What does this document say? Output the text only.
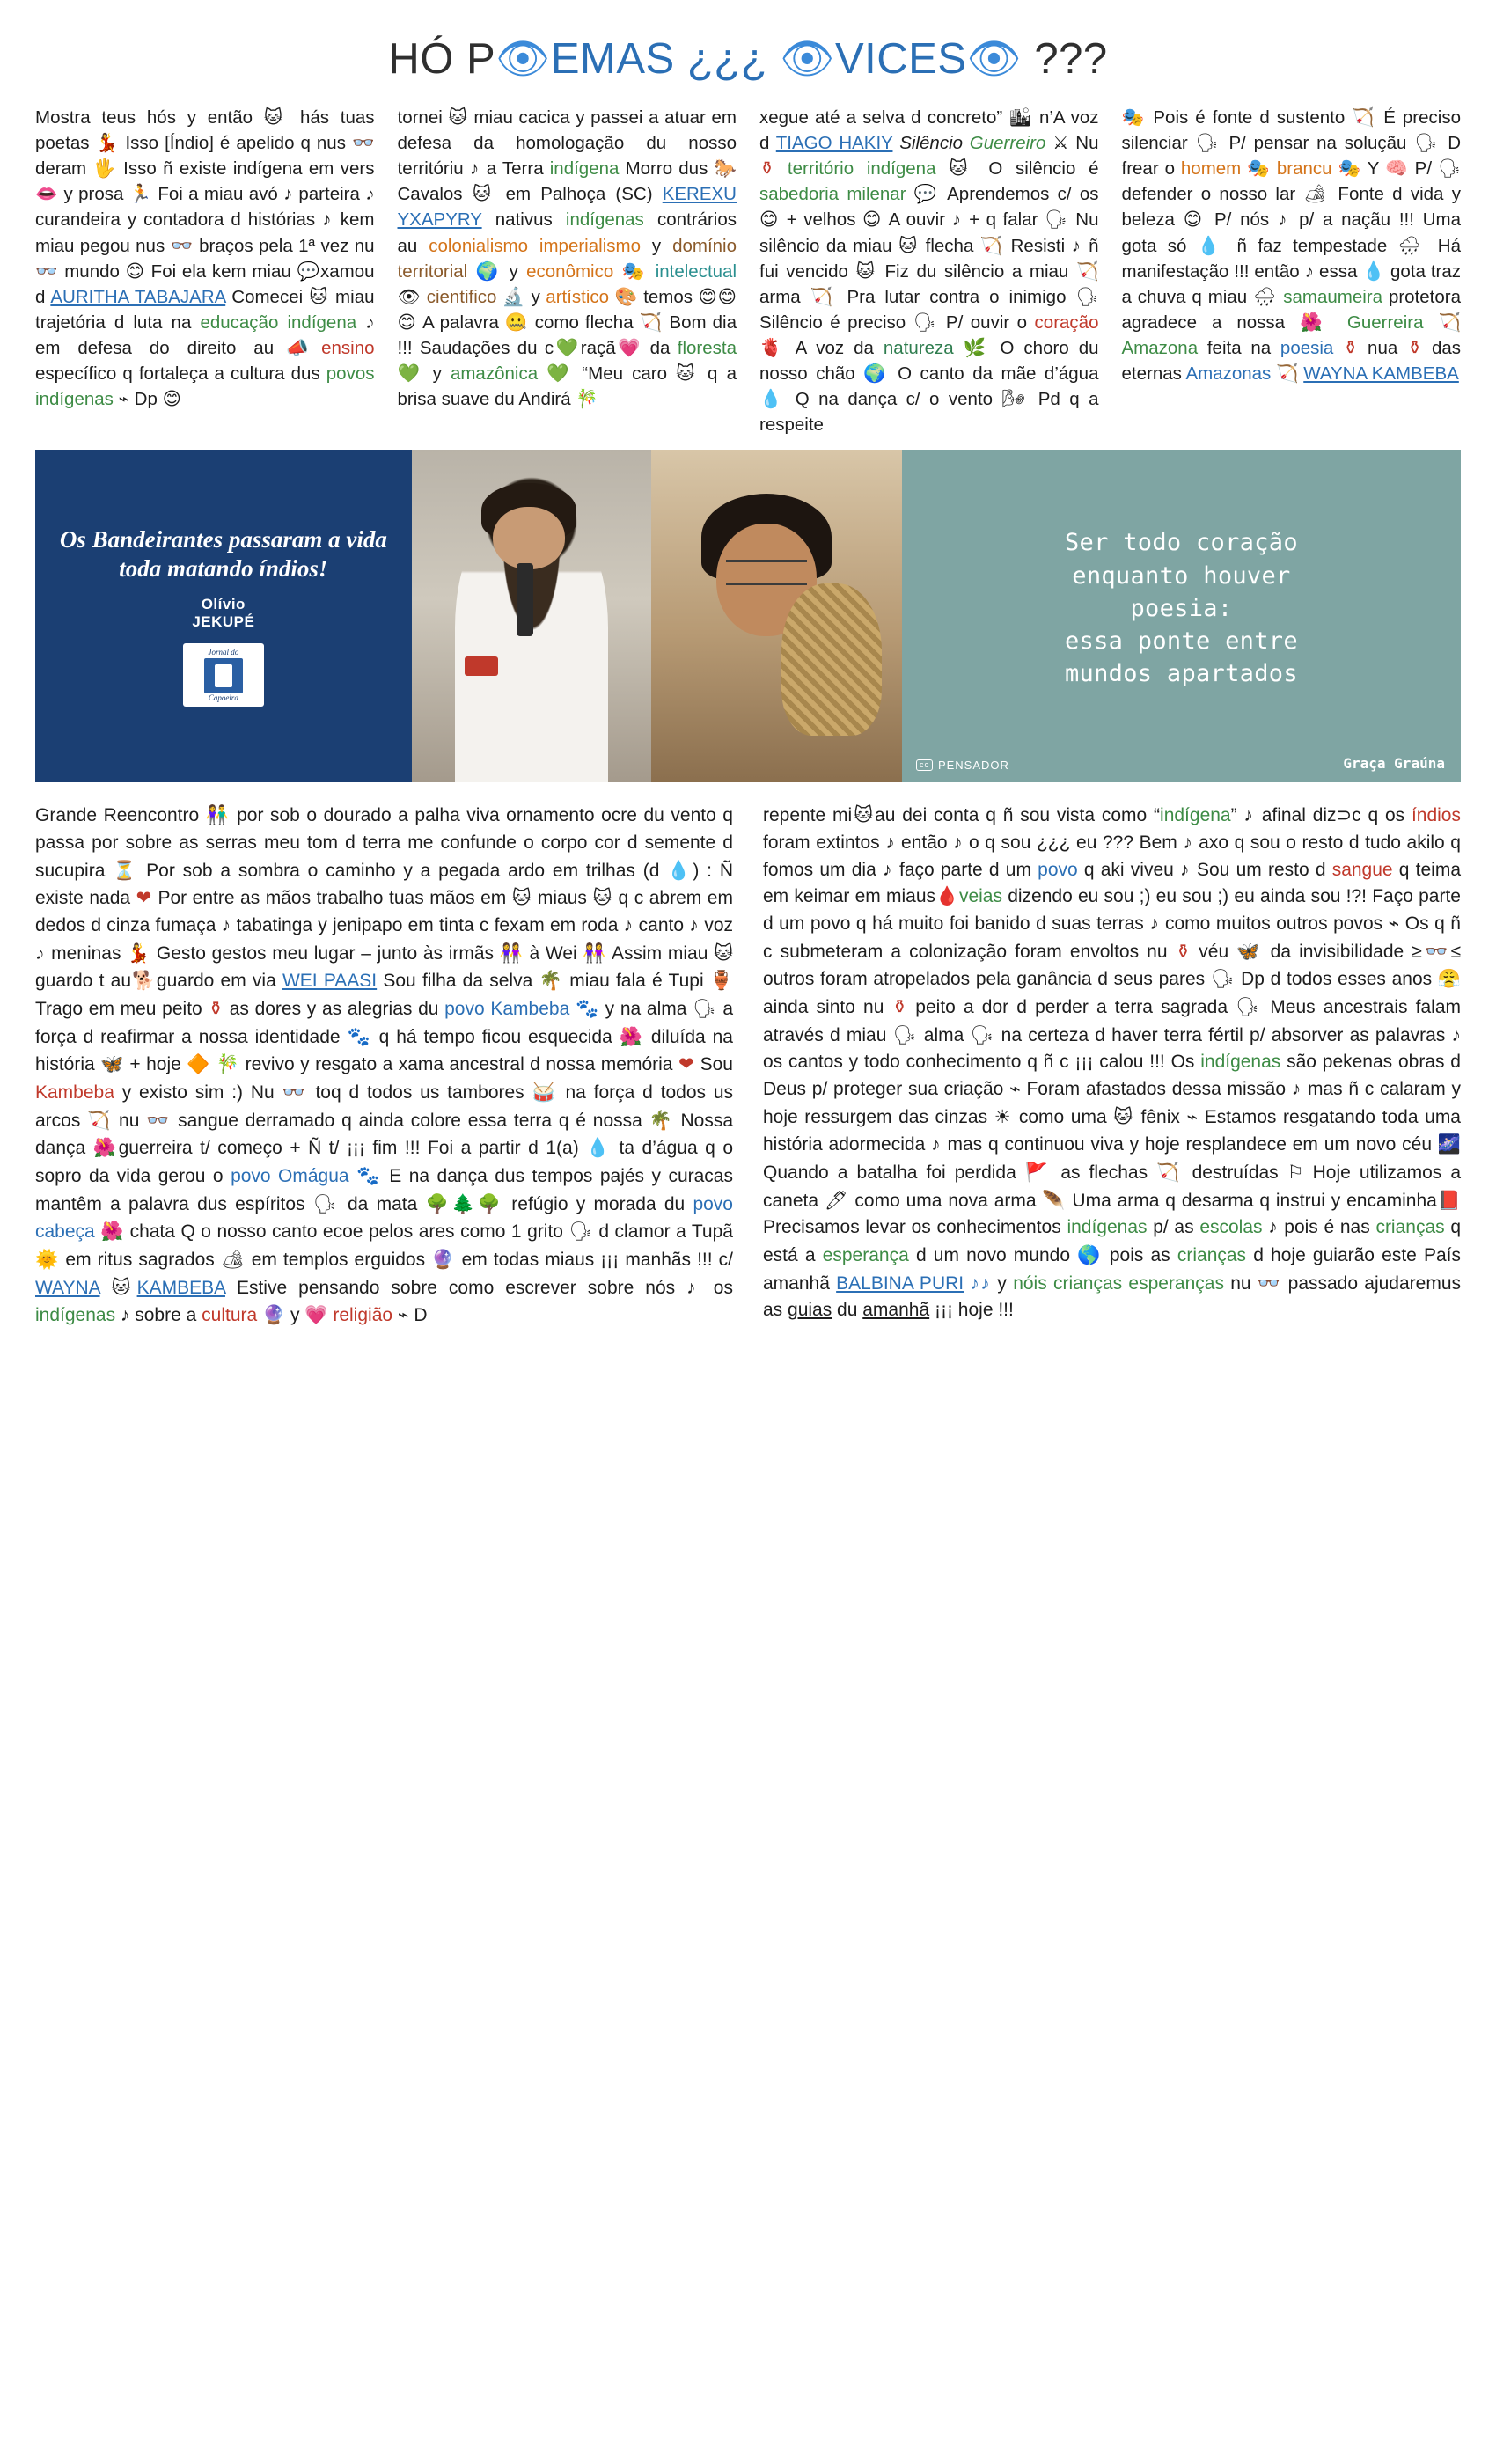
HÓ P👁EMAS ¿¿¿ 👁VICES👁 ???

Mostra teus hós y então 🐱 hás tuas poetas 💃 Isso [Índio] é apelido q nus 👓 deram 🖐 Isso ñ existe indígena em vers👄 y prosa 🏃 Foi a miau avó ♪ parteira ♪ curandeira y contadora d histórias ♪ kem miau pegou nus 👓 braços pela 1ª vez nu 👓 mundo 😊 Foi ela kem miau 💬xamou d AURITHA TABAJARA Comecei 🐱 miau trajetória d luta na educação indígena ♪ em defesa do direito au📣ensino específico q fortaleça a cultura dus povos indígenas ⌁ Dp 😊

tornei 🐱 miau cacica y passei a atuar em defesa da homologação du nosso territóriu ♪ a Terra indígena Morro dus 🐎 Cavalos 🐱 em Palhoça (SC) KEREXU YXAPYRY nativus indígenas contrários au colonialismo imperialismo y domínio territorial 🌍 y econômico 🎭 intelectual 👁 cientifico 🔬 y artístico 🎨 temos 😊😊😊 A palavra 🤐 como flecha 🏹 Bom dia !!! Saudações du c💚raçã💗 da floresta💚 y amazônica 💚 “Meu caro 🐱 q a brisa suave du Andirá 🎋

xegue até a selva d concreto” 🏙 n’A voz d TIAGO HAKIY Silêncio Guerreiro ⚔ Nu ⚱ território indígena 🐱 O silêncio é sabedoria milenar 💬 Aprendemos c/ os 😊 + velhos 😊 A ouvir ♪ + q falar 🗣 Nu silêncio da miau 🐱 flecha 🏹 Resisti ♪ ñ fui vencido 🐱 Fiz du silêncio a miau 🏹arma 🏹 Pra lutar contra o inimigo 🗣 Silêncio é preciso 🗣 P/ ouvir o coração 🫀 A voz da natureza 🌿 O choro du nosso chão 🌍 O canto da mãe d’água 💧 Q na dança c/ o vento 🌬 Pd q a respeite

🎭 Pois é fonte d sustento 🏹 É preciso silenciar 🗣 P/ pensar na soluçãu 🗣 D frear o homem 🎭 brancu 🎭 Y 🧠 P/ 🗣 defender o nosso lar 🏕 Fonte d vida y beleza 😊 P/ nós ♪ p/ a naçãu !!! Uma gota só 💧 ñ faz tempestade 🌧 Há manifestação !!! então ♪ essa 💧 gota traz a chuva q miau 🌧 samaumeira protetora agradece a nossa 🌺 Guerreira 🏹 Amazona feita na poesia ⚱ nua ⚱ das eternas Amazonas 🏹 WAYNA KAMBEBA

Os Bandeirantes passaram a vida toda matando índios!
Olívio
JEKUPÉ
Jornal do
Capoeira
Ser todo coração
enquanto houver
poesia:
essa ponte entre
mundos apartados
cc PENSADOR	Graça Graúna

Grande Reencontro 👫 por sob o dourado a palha viva ornamento ocre du vento q passa por sobre as serras meu tom d terra me confunde o corpo cor d semente d sucupira ⏳ Por sob a sombra o caminho y a pegada ardo em trilhas (d 💧) : Ñ existe nada ❤ Por entre as mãos trabalho tuas mãos em 🐱 miaus 🐱 q c abrem em dedos d cinza fumaça ♪ tabatinga y jenipapo em tinta c fexam em roda ♪ canto ♪ voz ♪ meninas 💃 Gesto gestos meu lugar – junto às irmãs 👭 à Wei 👭 Assim miau 🐱 guardo t au🐕guardo em via WEI PAASI Sou filha da selva 🌴 miau fala é Tupi 🏺 Trago em meu peito ⚱ as dores y as alegrias du povo Kambeba 🐾 y na alma 🗣 a força d reafirmar a nossa identidade 🐾 q há tempo ficou esquecida 🌺 diluída na história 🦋 + hoje 🔶 🎋 revivo y resgato a xama ancestral d nossa memória ❤ Sou Kambeba y existo sim :) Nu 👓 toq d todos us tambores 🥁 na força d todos us arcos 🏹 nu 👓 sangue derramado q ainda colore essa terra q é nossa 🌴 Nossa dança 🌺guerreira t/ começo + Ñ t/ ¡¡¡ fim !!! Foi a partir d 1(a) 💧 ta d’água q o sopro da vida gerou o povo Omágua 🐾 E na dança dus tempos pajés y curacas mantêm a palavra dus espíritos 🗣 da mata 🌳🌲🌳 refúgio y morada du povo cabeça 🌺 chata Q o nosso canto ecoe pelos ares como 1 grito 🗣 d clamor a Tupã 🌞 em ritus sagrados 🏕 em templos erguidos 🔮 em todas miaus ¡¡¡ manhãs !!! c/ WAYNA 🐱KAMBEBA Estive pensando sobre como escrever sobre nós ♪ os indígenas ♪ sobre a cultura 🔮 y 💗 religião ⌁ D

repente mi🐱au dei conta q ñ sou vista como “indígena” ♪ afinal diz⊃c q os índios foram extintos ♪ então ♪ o q sou ¿¿¿ eu ??? Bem ♪ axo q sou o resto d tudo akilo q fomos um dia ♪ faço parte d um povo q aki viveu ♪ Sou um resto d sangue q teima em keimar em miaus🩸veias dizendo eu sou ;) eu sou ;) eu ainda sou !?! Faço parte d um povo q há muito foi banido d suas terras ♪ como muitos outros povos ⌁ Os q ñ c submeteram a colonização foram envoltos nu ⚱ véu 🦋 da invisibilidade ≥👓≤ outros foram atropelados pela ganância d seus pares 🗣 Dp d todos esses anos 😤 ainda sinto nu ⚱ peito a dor d perder a terra sagrada 🗣 Meus ancestrais falam através d miau 🗣 alma 🗣 na certeza d haver terra fértil p/ absorver as palavras ♪ os cantos y todo conhecimento q ñ c ¡¡¡ calou !!! Os indígenas são pekenas obras d Deus p/ proteger sua criação ⌁ Foram afastados dessa missão ♪ mas ñ c calaram y hoje ressurgem das cinzas ☀ como uma 🐱 fênix ⌁ Estamos resgatando toda uma história adormecida ♪ mas q continuou viva y hoje resplandece em um novo céu 🌌 Quando a batalha foi perdida 🚩 as flechas 🏹 destruídas ⚐ Hoje utilizamos a caneta 🖊 como uma nova arma 🪶 Uma arma q desarma q instrui y encaminha📕Precisamos levar os conhecimentos indígenas p/ as escolas ♪ pois é nas crianças q está a esperança d um novo mundo 🌎 pois as crianças d hoje guiarão este País amanhã BALBINA PURI ♪♪ y nóis crianças esperanças nu 👓 passado ajudaremus as guias du amanhã ¡¡¡ hoje !!!
